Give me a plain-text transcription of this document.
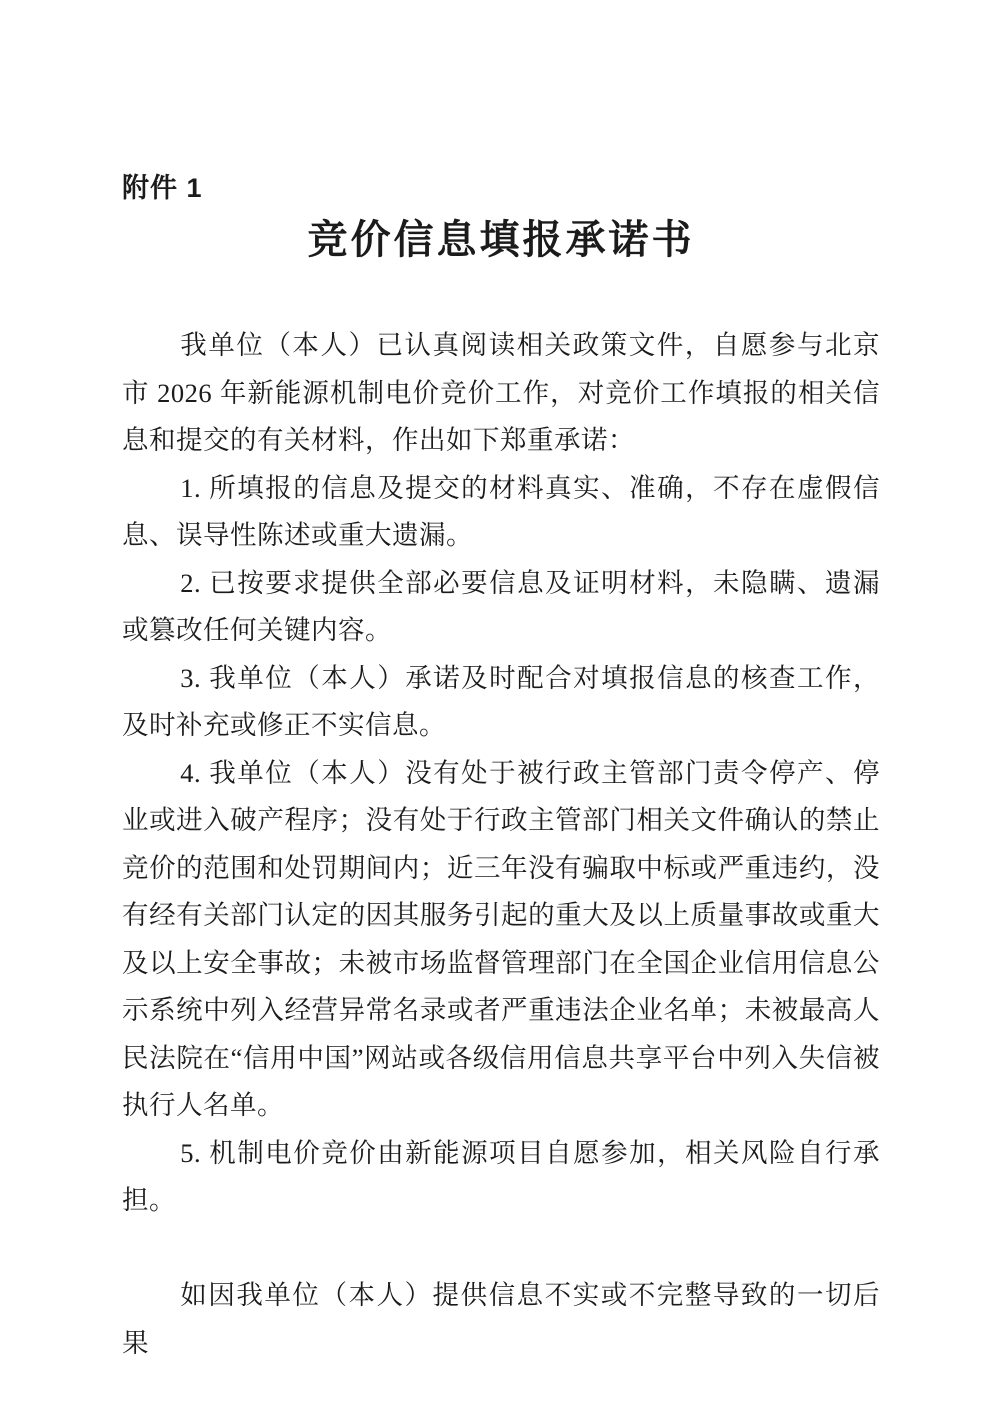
附件 1
竞价信息填报承诺书

我单位（本人）已认真阅读相关政策文件，自愿参与北京市 2026 年新能源机制电价竞价工作，对竞价工作填报的相关信息和提交的有关材料，作出如下郑重承诺：

1. 所填报的信息及提交的材料真实、准确，不存在虚假信息、误导性陈述或重大遗漏。

2. 已按要求提供全部必要信息及证明材料，未隐瞒、遗漏或篡改任何关键内容。

3. 我单位（本人）承诺及时配合对填报信息的核查工作，及时补充或修正不实信息。

4. 我单位（本人）没有处于被行政主管部门责令停产、停业或进入破产程序；没有处于行政主管部门相关文件确认的禁止竞价的范围和处罚期间内；近三年没有骗取中标或严重违约，没有经有关部门认定的因其服务引起的重大及以上质量事故或重大及以上安全事故；未被市场监督管理部门在全国企业信用信息公示系统中列入经营异常名录或者严重违法企业名单；未被最高人民法院在“信用中国”网站或各级信用信息共享平台中列入失信被执行人名单。

5. 机制电价竞价由新能源项目自愿参加，相关风险自行承担。

如因我单位（本人）提供信息不实或不完整导致的一切后果
